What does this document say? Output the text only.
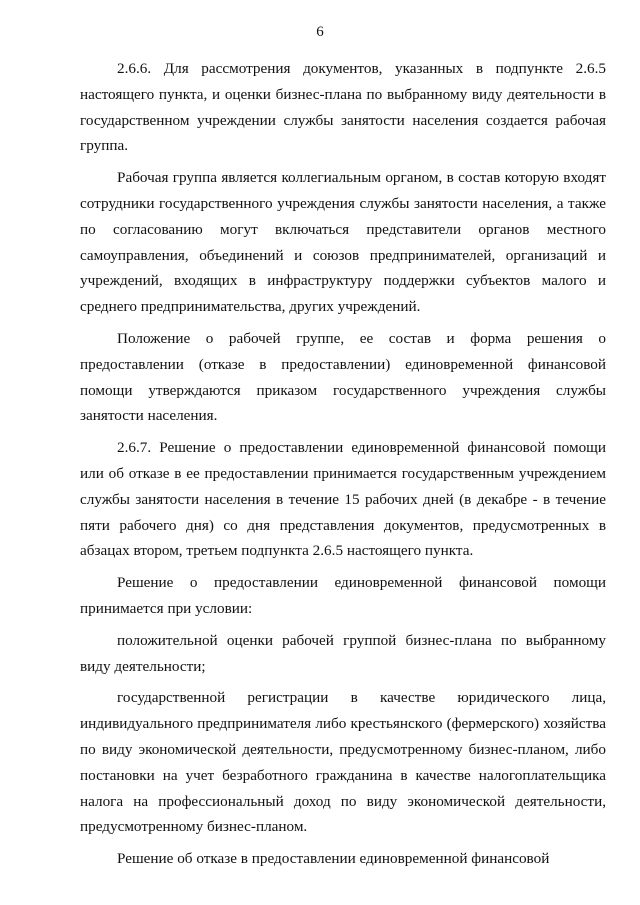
6

2.6.6. Для рассмотрения документов, указанных в подпункте 2.6.5 настоящего пункта, и оценки бизнес-плана по выбранному виду деятельности в государственном учреждении службы занятости населения создается рабочая группа.

Рабочая группа является коллегиальным органом, в состав которую входят сотрудники государственного учреждения службы занятости населения, а также по согласованию могут включаться представители органов местного самоуправления, объединений и союзов предпринимателей, организаций и учреждений, входящих в инфраструктуру поддержки субъектов малого и среднего предпринимательства, других учреждений.

Положение о рабочей группе, ее состав и форма решения о предоставлении (отказе в предоставлении) единовременной финансовой помощи утверждаются приказом государственного учреждения службы занятости населения.

2.6.7. Решение о предоставлении единовременной финансовой помощи или об отказе в ее предоставлении принимается государственным учреждением службы занятости населения в течение 15 рабочих дней (в декабре - в течение пяти рабочего дня) со дня представления документов, предусмотренных в абзацах втором, третьем подпункта 2.6.5 настоящего пункта.

Решение о предоставлении единовременной финансовой помощи принимается при условии:

положительной оценки рабочей группой бизнес-плана по выбранному виду деятельности;

государственной регистрации в качестве юридического лица, индивидуального предпринимателя либо крестьянского (фермерского) хозяйства по виду экономической деятельности, предусмотренному бизнес-планом, либо постановки на учет безработного гражданина в качестве налогоплательщика налога на профессиональный доход по виду экономической деятельности, предусмотренному бизнес-планом.

Решение об отказе в предоставлении единовременной финансовой
